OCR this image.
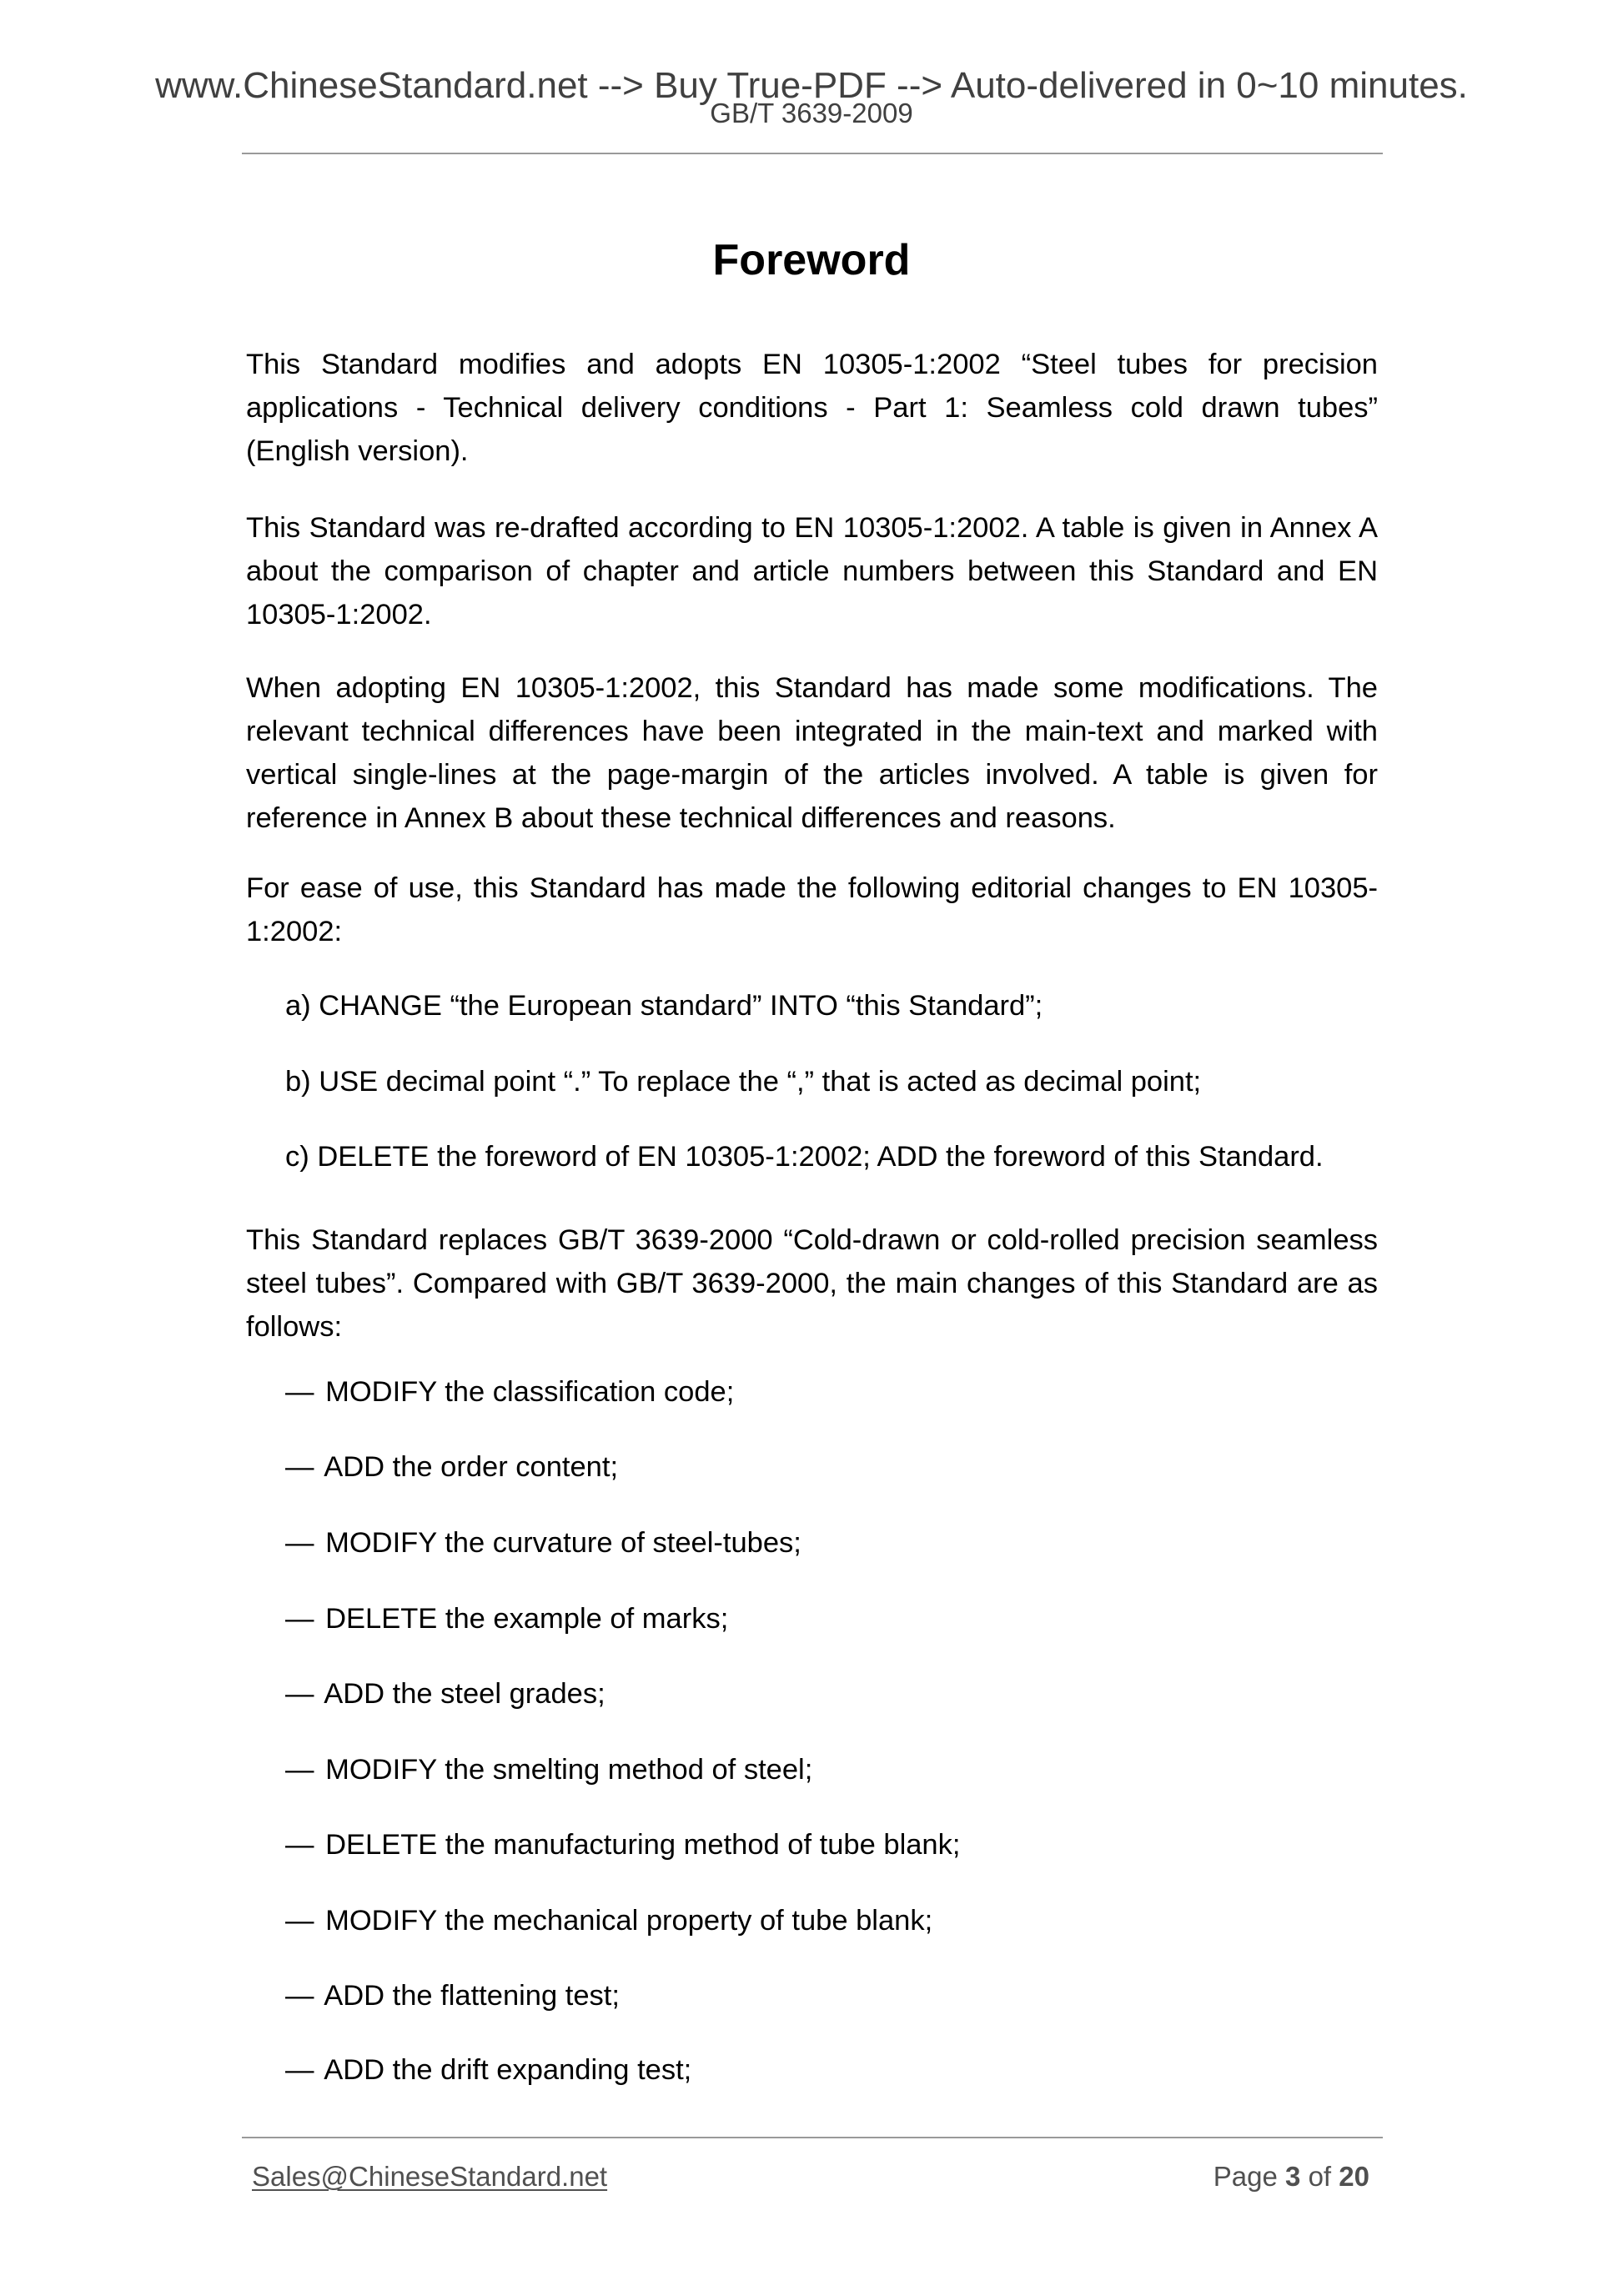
www.ChineseStandard.net --> Buy True-PDF --> Auto-delivered in 0~10 minutes.
GB/T 3639-2009
Foreword

This Standard modifies and adopts EN 10305-1:2002 “Steel tubes for precision applications - Technical delivery conditions - Part 1: Seamless cold drawn tubes” (English version).

This Standard was re-drafted according to EN 10305-1:2002. A table is given in Annex A about the comparison of chapter and article numbers between this Standard and EN 10305-1:2002.

When adopting EN 10305-1:2002, this Standard has made some modifications. The relevant technical differences have been integrated in the main-text and marked with vertical single-lines at the page-margin of the articles involved. A table is given for reference in Annex B about these technical differences and reasons.

For ease of use, this Standard has made the following editorial changes to EN 10305-1:2002:

a) CHANGE “the European standard” INTO “this Standard”;
b) USE decimal point “.” To replace the “,” that is acted as decimal point;
c) DELETE the foreword of EN 10305-1:2002; ADD the foreword of this Standard.

This Standard replaces GB/T 3639-2000 “Cold-drawn or cold-rolled precision seamless steel tubes”. Compared with GB/T 3639-2000, the main changes of this Standard are as follows:

— MODIFY the classification code;
— ADD the order content;
— MODIFY the curvature of steel-tubes;
— DELETE the example of marks;
— ADD the steel grades;
— MODIFY the smelting method of steel;
— DELETE the manufacturing method of tube blank;
— MODIFY the mechanical property of tube blank;
— ADD the flattening test;
— ADD the drift expanding test;
Sales@ChineseStandard.net	Page 3 of 20
